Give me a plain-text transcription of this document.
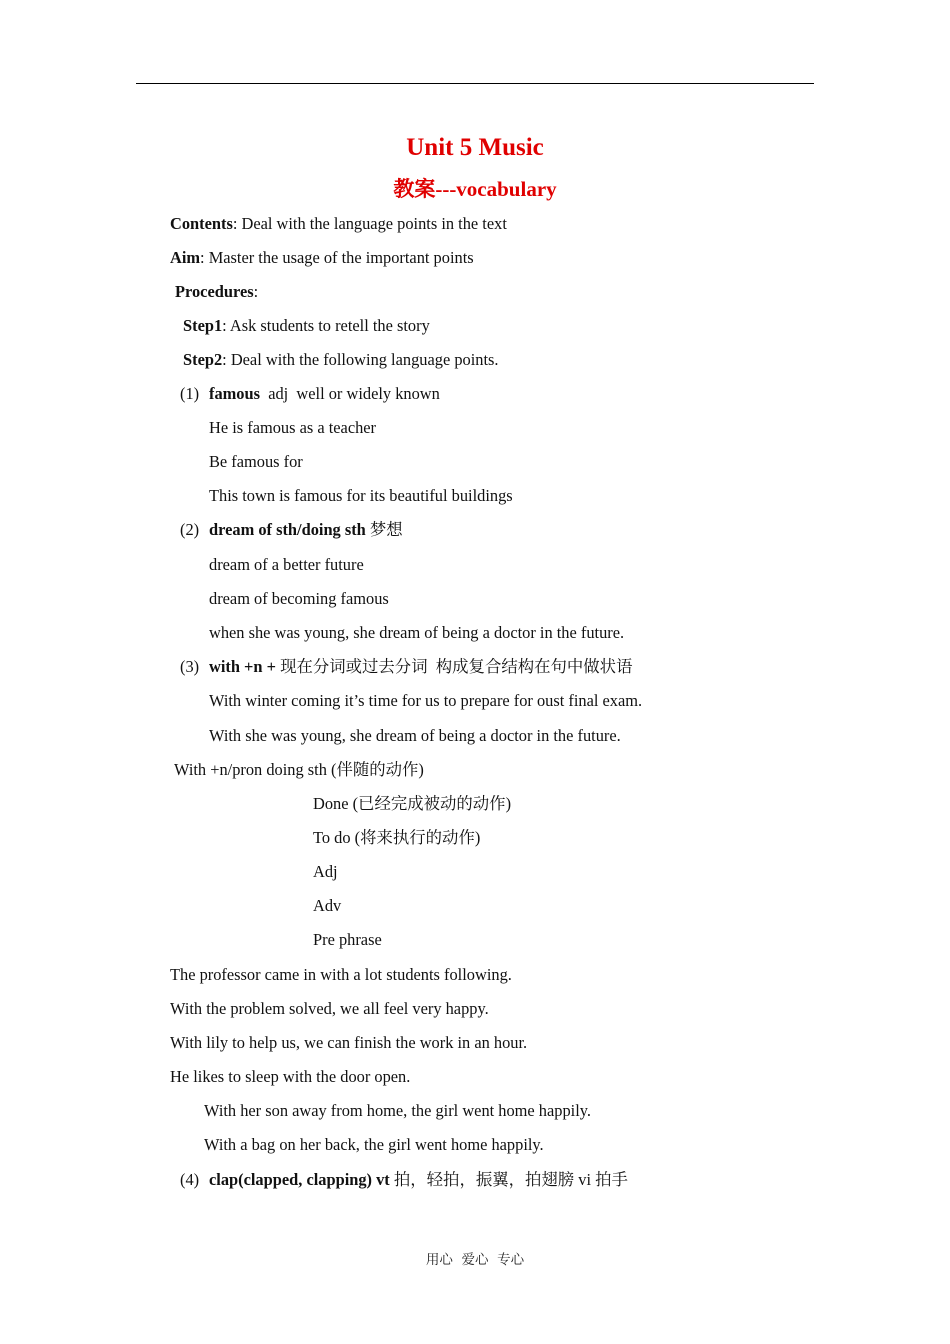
Unit 5 Music
教案---vocabulary
Contents: Deal with the language points in the text
Aim: Master the usage of the important points
Procedures:
Step1: Ask students to retell the story
Step2: Deal with the following language points.
(1) famous  adj  well or widely known
He is famous as a teacher
Be famous for
This town is famous for its beautiful buildings
(2) dream of sth/doing sth 梦想
dream of a better future
dream of becoming famous
when she was young, she dream of being a doctor in the future.
(3) with +n + 现在分词或过去分词  构成复合结构在句中做状语
With winter coming it’s time for us to prepare for oust final exam.
With she was young, she dream of being a doctor in the future.
With +n/pron doing sth (伴随的动作)
Done (已经完成被动的动作)
To do (将来执行的动作)
Adj
Adv
Pre phrase
The professor came in with a lot students following.
With the problem solved, we all feel very happy.
With lily to help us, we can finish the work in an hour.
He likes to sleep with the door open.
With her son away from home, the girl went home happily.
With a bag on her back, the girl went home happily.
(4) clap(clapped, clapping) vt 拍，轻拍，振翼，拍翅膀 vi 拍手
用心  爱心  专心
